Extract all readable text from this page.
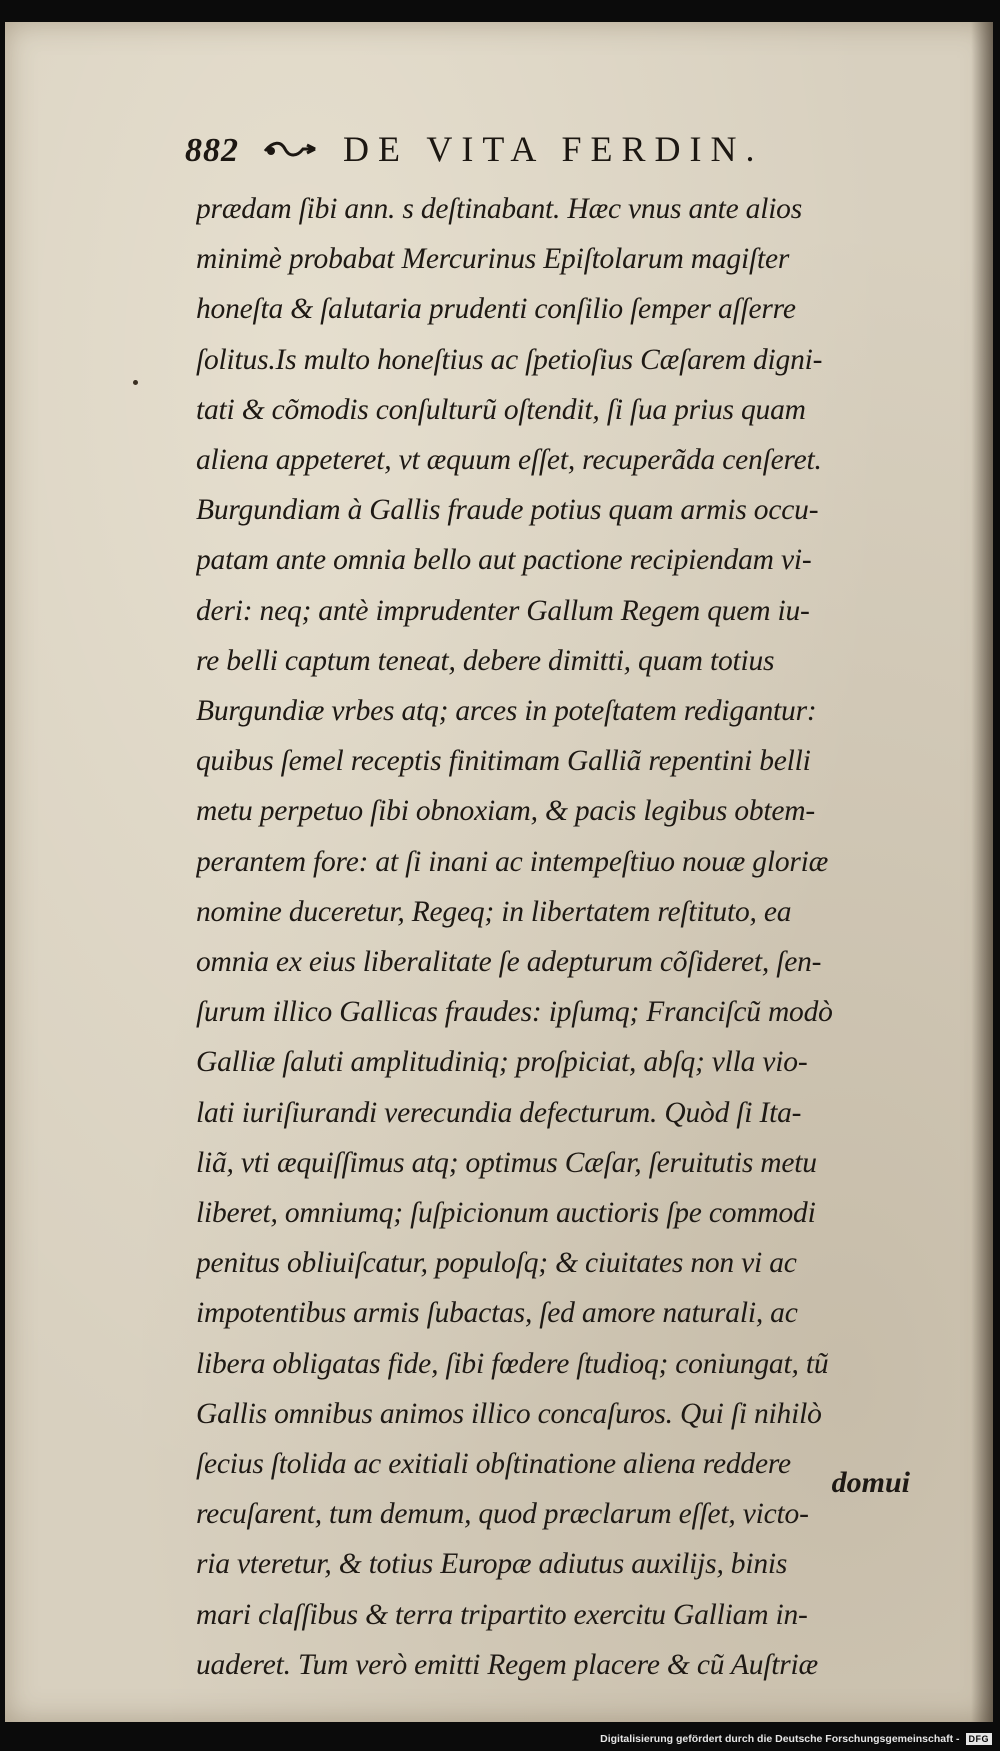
882	DE VITA FERDIN.
prædam ſibi ann. s deſtinabant. Hæc vnus ante alios
minimè probabat Mercurinus Epiſtolarum magiſter
honeſta & ſalutaria prudenti conſilio ſemper aſſerre
ſolitus.Is multo honeſtius ac ſpetioſius Cæſarem digni-
tati & cõmodis conſulturũ oſtendit, ſi ſua prius quam
aliena appeteret, vt æquum eſſet, recuperãda cenſeret.
Burgundiam à Gallis fraude potius quam armis occu-
patam ante omnia bello aut pactione recipiendam vi-
deri: neq; antè imprudenter Gallum Regem quem iu-
re belli captum teneat, debere dimitti, quam totius
Burgundiæ vrbes atq; arces in poteſtatem redigantur:
quibus ſemel receptis finitimam Galliã repentini belli
metu perpetuo ſibi obnoxiam, & pacis legibus obtem-
perantem fore: at ſi inani ac intempeſtiuo nouæ gloriæ
nomine duceretur, Regeq; in libertatem reſtituto, ea
omnia ex eius liberalitate ſe adepturum cõſideret, ſen-
ſurum illico Gallicas fraudes: ipſumq; Franciſcũ modò
Galliæ ſaluti amplitudiniq; proſpiciat, abſq; vlla vio-
lati iuriſiurandi verecundia defecturum. Quòd ſi Ita-
liã, vti æquiſſimus atq; optimus Cæſar, ſeruitutis metu
liberet, omniumq; ſuſpicionum auctioris ſpe commodi
penitus obliuiſcatur, populoſq; & ciuitates non vi ac
impotentibus armis ſubactas, ſed amore naturali, ac
libera obligatas fide, ſibi fœdere ſtudioq; coniungat, tũ
Gallis omnibus animos illico concaſuros. Qui ſi nihilò
ſecius ſtolida ac exitiali obſtinatione aliena reddere
recuſarent, tum demum, quod præclarum eſſet, victo-
ria vteretur, & totius Europæ adiutus auxilijs, binis
mari claſſibus & terra tripartito exercitu Galliam in-
uaderet. Tum verò emitti Regem placere & cũ Auſtriæ
domui
Digitalisierung gefördert durch die Deutsche Forschungsgemeinschaft -	DFG
